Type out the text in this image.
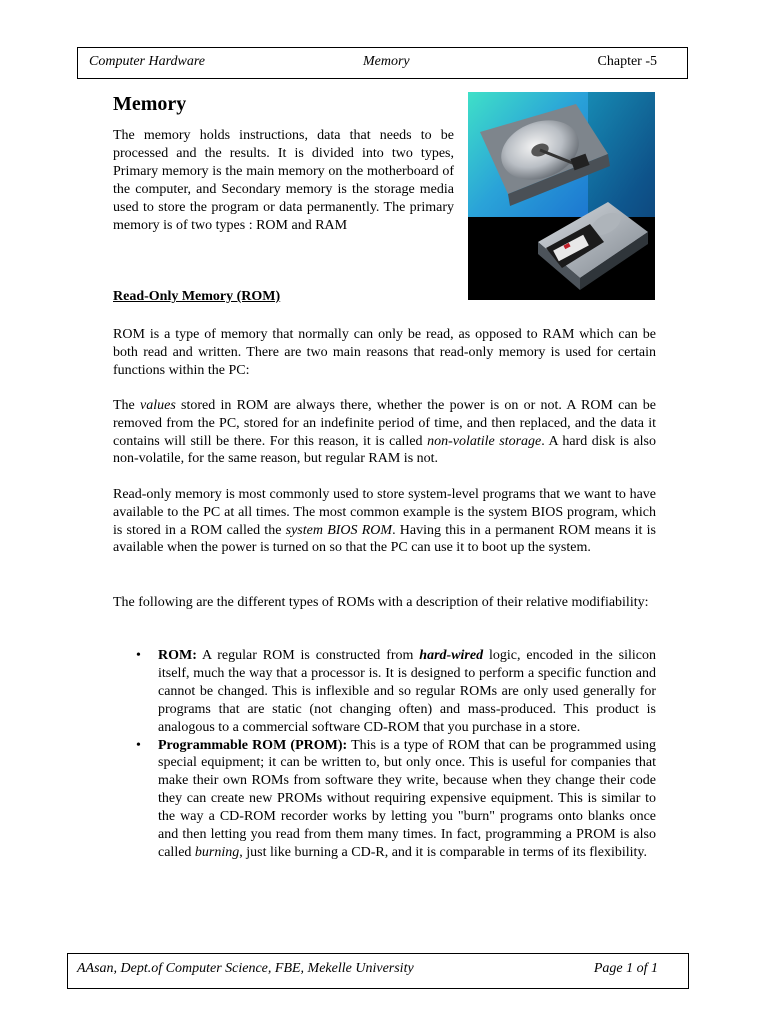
Computer Hardware	Memory	Chapter -5
Memory

The memory holds instructions, data that needs to be processed and the results. It is divided into two types, Primary memory is the main memory on the motherboard of the computer, and Secondary memory is the storage media used to store the program or data permanently. The primary memory is of two types : ROM and RAM

Read-Only Memory (ROM)

ROM is a type of memory that normally can only be read, as opposed to RAM which can be both read and written. There are two main reasons that read-only memory is used for certain functions within the PC:

The values stored in ROM are always there, whether the power is on or not. A ROM can be removed from the PC, stored for an indefinite period of time, and then replaced, and the data it contains will still be there. For this reason, it is called non-volatile storage. A hard disk is also non-volatile, for the same reason, but regular RAM is not.

Read-only memory is most commonly used to store system-level programs that we want to have available to the PC at all times. The most common example is the system BIOS program, which is stored in a ROM called the system BIOS ROM. Having this in a permanent ROM means it is available when the power is turned on so that the PC can use it to boot up the system.

The following are the different types of ROMs with a description of their relative modifiability:

• ROM: A regular ROM is constructed from hard-wired logic, encoded in the silicon itself, much the way that a processor is. It is designed to perform a specific function and cannot be changed. This is inflexible and so regular ROMs are only used generally for programs that are static (not changing often) and mass-produced. This product is analogous to a commercial software CD-ROM that you purchase in a store.
• Programmable ROM (PROM): This is a type of ROM that can be programmed using special equipment; it can be written to, but only once. This is useful for companies that make their own ROMs from software they write, because when they change their code they can create new PROMs without requiring expensive equipment. This is similar to the way a CD-ROM recorder works by letting you "burn" programs onto blanks once and then letting you read from them many times. In fact, programming a PROM is also called burning, just like burning a CD-R, and it is comparable in terms of its flexibility.
AAsan, Dept.of Computer Science, FBE, Mekelle University	Page 1 of 1
